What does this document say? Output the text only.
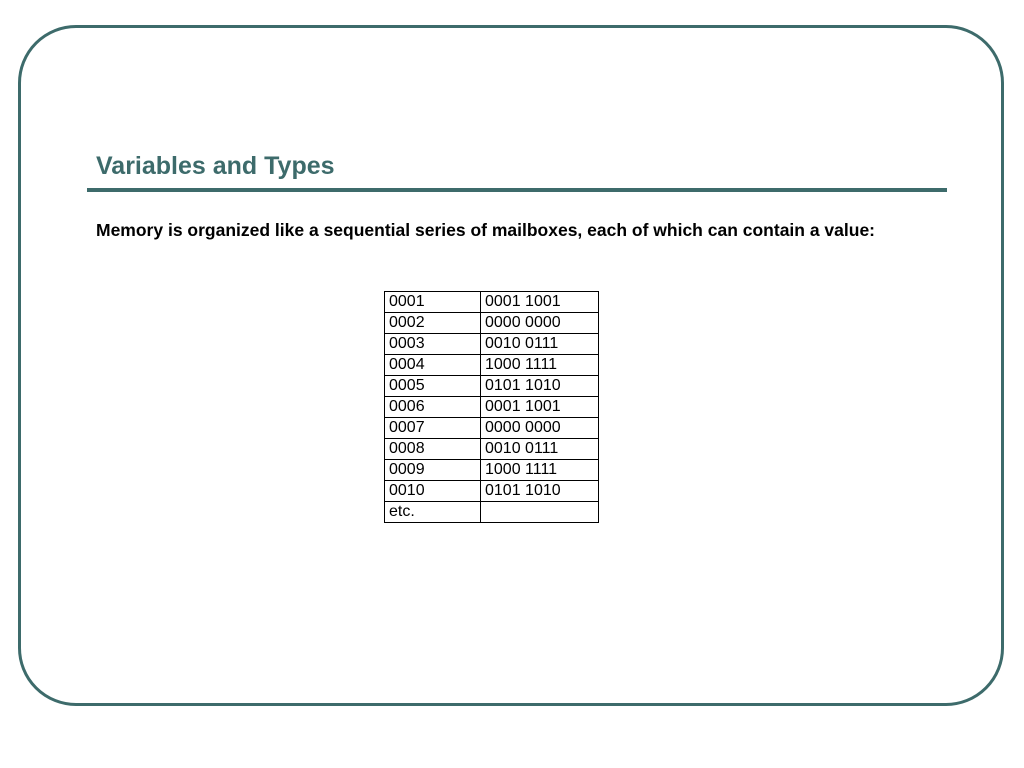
Variables and Types

Memory is organized like a sequential series of mailboxes, each of which can contain a value:

0001	0001 1001
0002	0000 0000
0003	0010 0111
0004	1000 1111
0005	0101 1010
0006	0001 1001
0007	0000 0000
0008	0010 0111
0009	1000 1111
0010	0101 1010
etc.	
